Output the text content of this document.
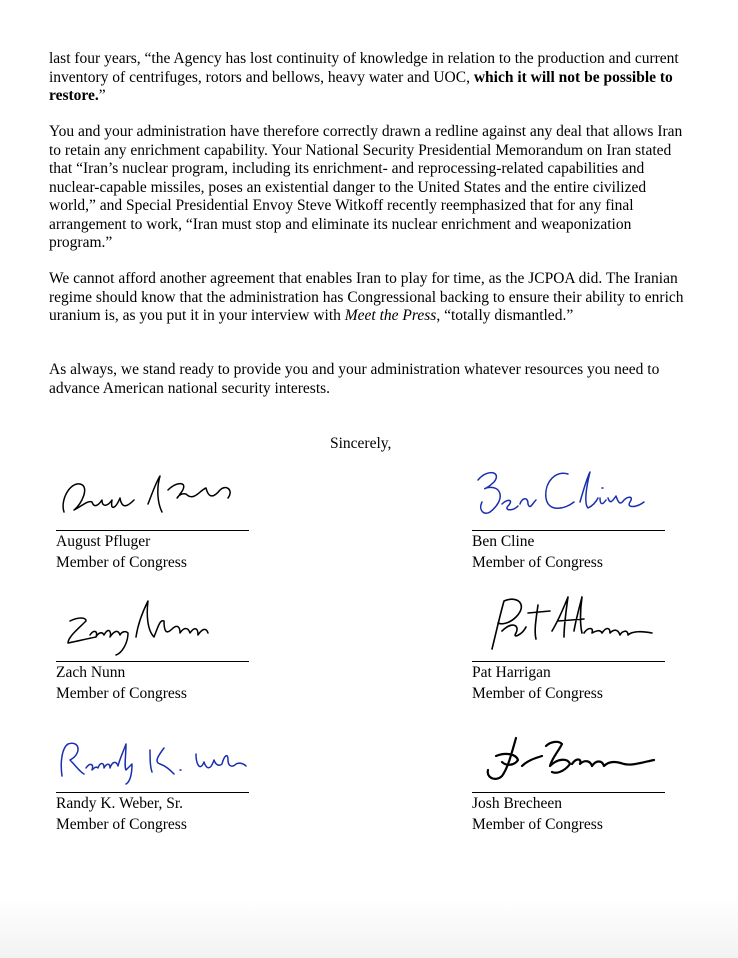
last four years, “the Agency has lost continuity of knowledge in relation to the production and current inventory of centrifuges, rotors and bellows, heavy water and UOC, which it will not be possible to restore.”

You and your administration have therefore correctly drawn a redline against any deal that allows Iran to retain any enrichment capability. Your National Security Presidential Memorandum on Iran stated that “Iran’s nuclear program, including its enrichment- and reprocessing-related capabilities and nuclear-capable missiles, poses an existential danger to the United States and the entire civilized world,” and Special Presidential Envoy Steve Witkoff recently reemphasized that for any final arrangement to work, “Iran must stop and eliminate its nuclear enrichment and weaponization program.”

We cannot afford another agreement that enables Iran to play for time, as the JCPOA did. The Iranian regime should know that the administration has Congressional backing to ensure their ability to enrich uranium is, as you put it in your interview with Meet the Press, “totally dismantled.”

As always, we stand ready to provide you and your administration whatever resources you need to advance American national security interests.

Sincerely,
August Pfluger
Member of Congress
Ben Cline
Member of Congress
Zach Nunn
Member of Congress
Pat Harrigan
Member of Congress
Randy K. Weber, Sr.
Member of Congress
Josh Brecheen
Member of Congress
